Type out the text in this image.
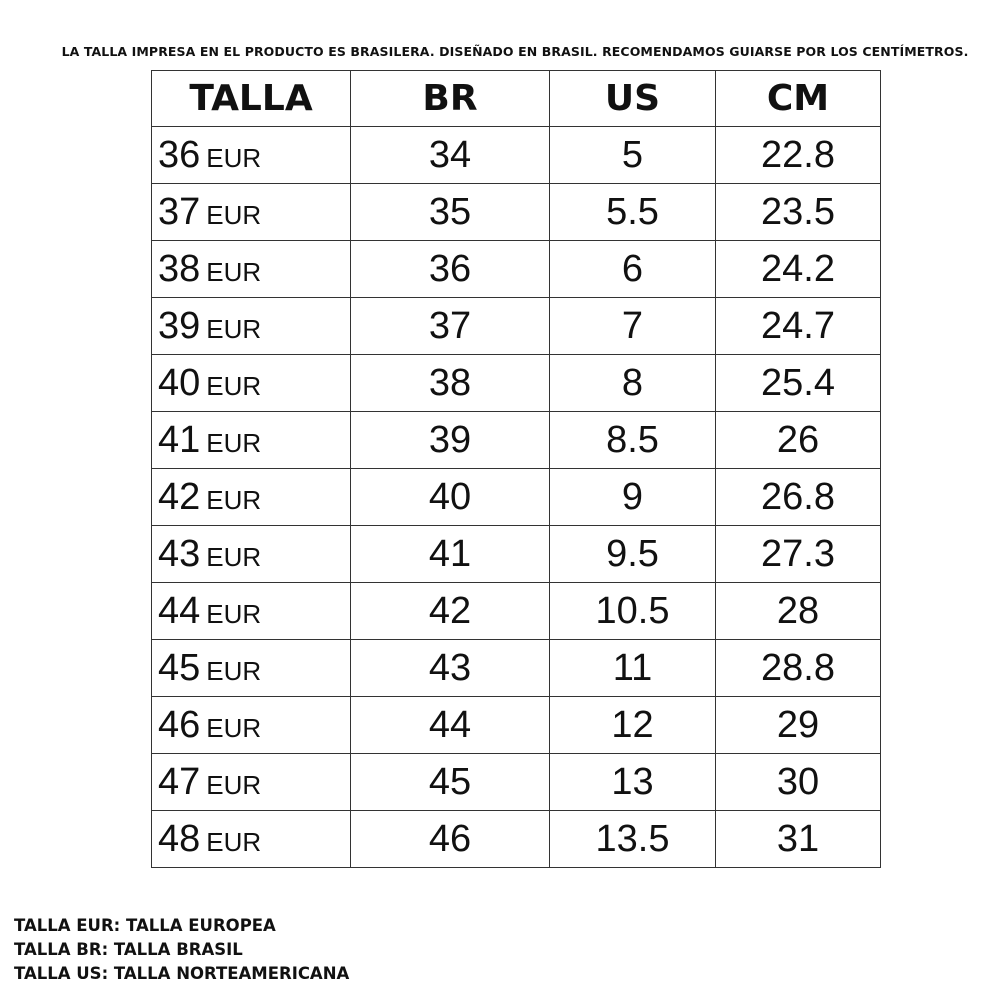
LA TALLA IMPRESA EN EL PRODUCTO ES BRASILERA. DISEÑADO EN BRASIL. RECOMENDAMOS GUIARSE POR LOS CENTÍMETROS.
TALLA	BR	US	CM
36 EUR	34	5	22.8
37 EUR	35	5.5	23.5
38 EUR	36	6	24.2
39 EUR	37	7	24.7
40 EUR	38	8	25.4
41 EUR	39	8.5	26
42 EUR	40	9	26.8
43 EUR	41	9.5	27.3
44 EUR	42	10.5	28
45 EUR	43	11	28.8
46 EUR	44	12	29
47 EUR	45	13	30
48 EUR	46	13.5	31
TALLA EUR: TALLA EUROPEA
TALLA BR: TALLA BRASIL
TALLA US: TALLA NORTEAMERICANA
